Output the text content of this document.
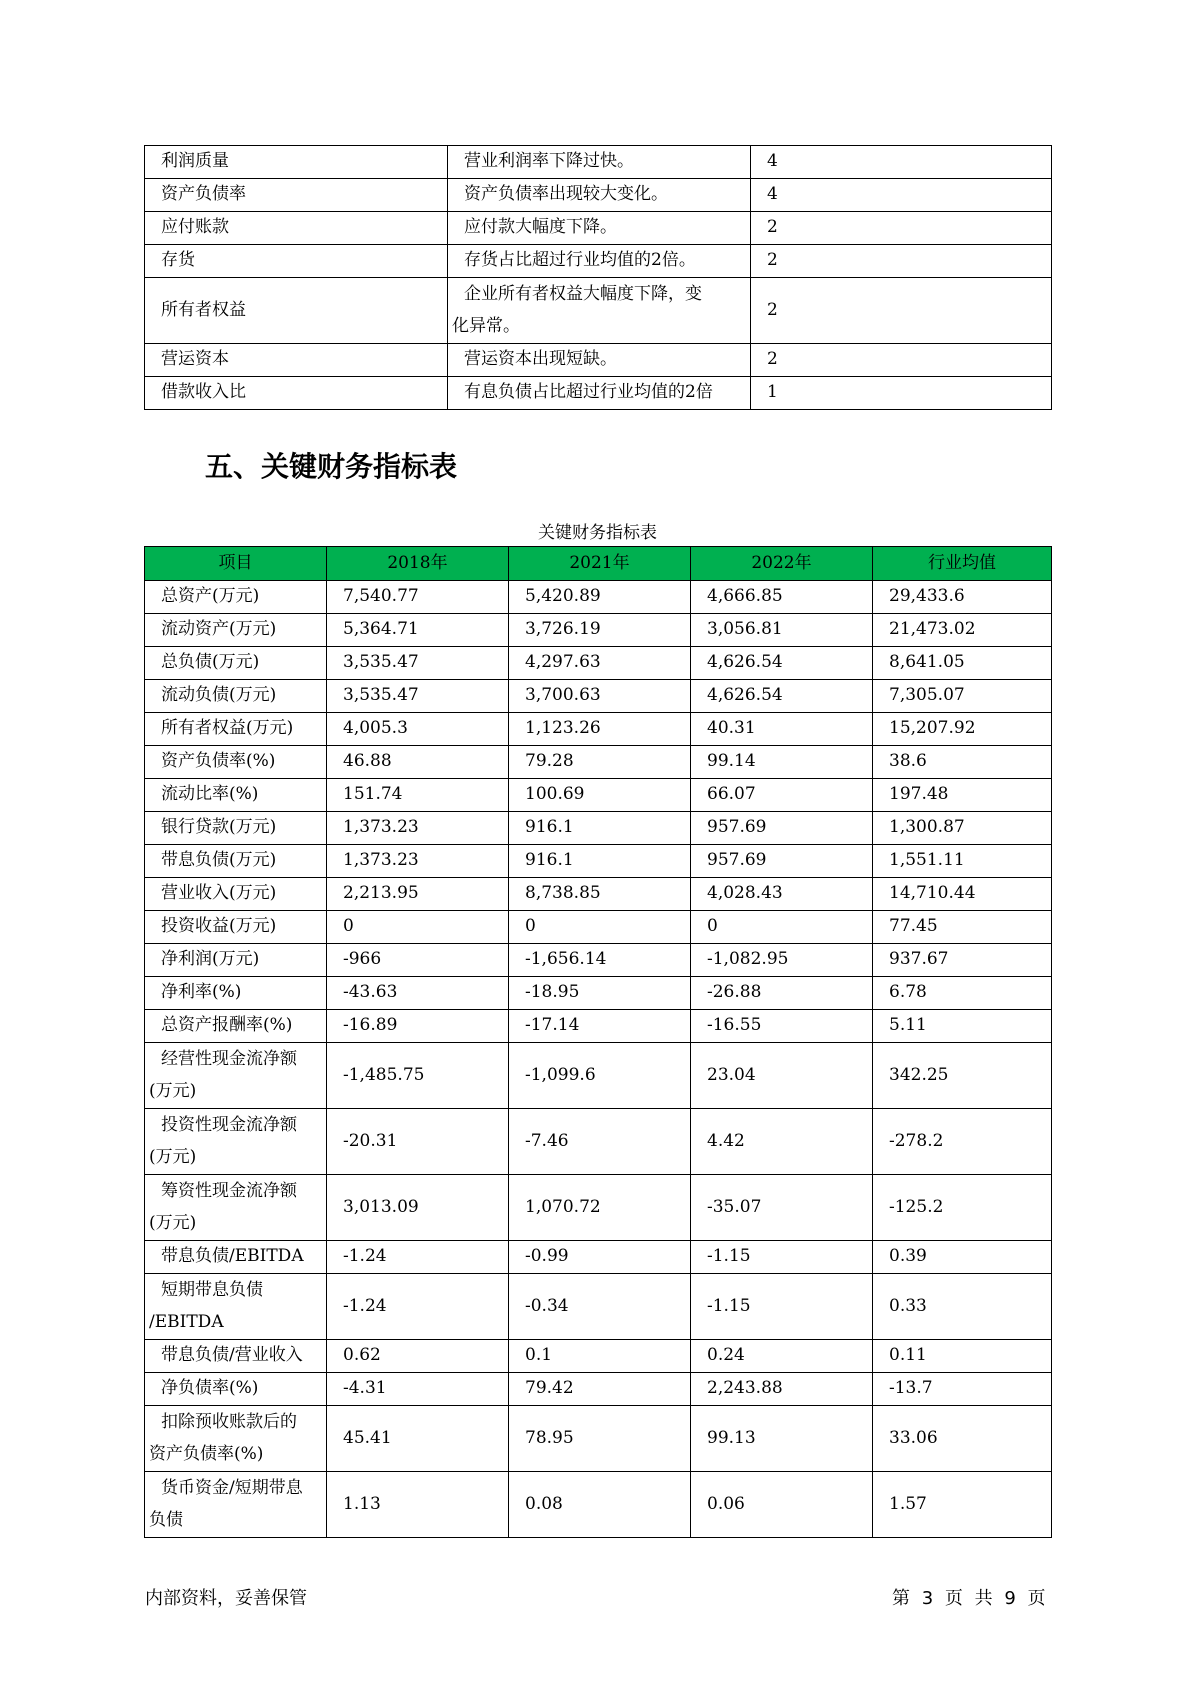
利润质量	营业利润率下降过快。	4
资产负债率	资产负债率出现较大变化。	4
应付账款	应付款大幅度下降。	2
存货	存货占比超过行业均值的2倍。	2
所有者权益	企业所有者权益大幅度下降，变
化异常。	2
营运资本	营运资本出现短缺。	2
借款收入比	有息负债占比超过行业均值的2倍	1
五、关键财务指标表
关键财务指标表
项目	2018年	2021年	2022年	行业均值
总资产(万元)	7,540.77	5,420.89	4,666.85	29,433.6
流动资产(万元)	5,364.71	3,726.19	3,056.81	21,473.02
总负债(万元)	3,535.47	4,297.63	4,626.54	8,641.05
流动负债(万元)	3,535.47	3,700.63	4,626.54	7,305.07
所有者权益(万元)	4,005.3	1,123.26	40.31	15,207.92
资产负债率(%)	46.88	79.28	99.14	38.6
流动比率(%)	151.74	100.69	66.07	197.48
银行贷款(万元)	1,373.23	916.1	957.69	1,300.87
带息负债(万元)	1,373.23	916.1	957.69	1,551.11
营业收入(万元)	2,213.95	8,738.85	4,028.43	14,710.44
投资收益(万元)	0	0	0	77.45
净利润(万元)	-966	-1,656.14	-1,082.95	937.67
净利率(%)	-43.63	-18.95	-26.88	6.78
总资产报酬率(%)	-16.89	-17.14	-16.55	5.11

经营性现金流净额
(万元)	-1,485.75	-1,099.6	23.04	342.25

投资性现金流净额
(万元)	-20.31	-7.46	4.42	-278.2

筹资性现金流净额
(万元)	3,013.09	1,070.72	-35.07	-125.2
带息负债/EBITDA	-1.24	-0.99	-1.15	0.39

短期带息负债
/EBITDA	-1.24	-0.34	-1.15	0.33
带息负债/营业收入	0.62	0.1	0.24	0.11
净负债率(%)	-4.31	79.42	2,243.88	-13.7

扣除预收账款后的
资产负债率(%)	45.41	78.95	99.13	33.06

货币资金/短期带息
负债	1.13	0.08	0.06	1.57
内部资料，妥善保管	第 3 页 共 9 页
